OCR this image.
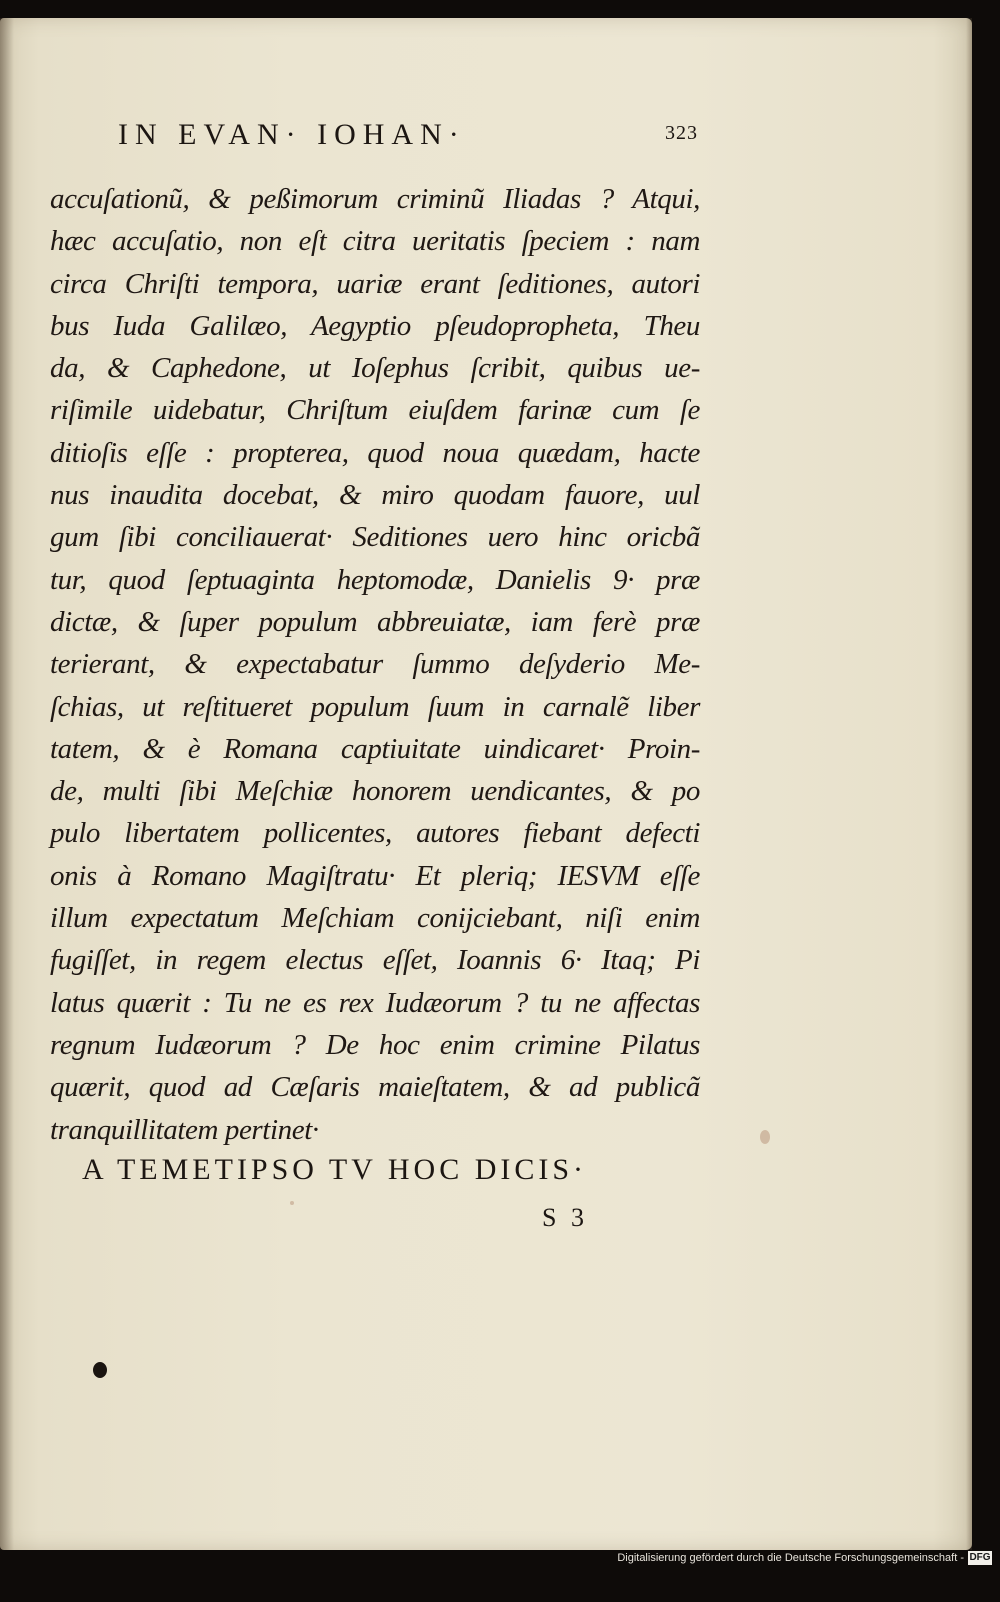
IN EVAN· IOHAN·	323
accuſationũ, & peßimorum criminũ Iliadas ? Atqui,
hæc accuſatio, non eſt citra ueritatis ſpeciem : nam
circa Chriſti tempora, uariæ erant ſeditiones, autori
bus Iuda Galilæo, Aegyptio pſeudopropheta, Theu
da, & Caphedone, ut Ioſephus ſcribit, quibus ue-
riſimile uidebatur, Chriſtum eiuſdem farinæ cum ſe
ditioſis eſſe : propterea, quod noua quædam, hacte
nus inaudita docebat, & miro quodam fauore, uul
gum ſibi conciliauerat· Seditiones uero hinc oricbã
tur, quod ſeptuaginta heptomodæ, Danielis 9· præ
dictæ, & ſuper populum abbreuiatæ, iam ferè præ
terierant, & expectabatur ſummo deſyderio Me-
ſchias, ut reſtitueret populum ſuum in carnalẽ liber
tatem, & è Romana captiuitate uindicaret· Proin-
de, multi ſibi Meſchiæ honorem uendicantes, & po
pulo libertatem pollicentes, autores fiebant defecti
onis à Romano Magiſtratu· Et pleriq; IESVM eſſe
illum expectatum Meſchiam conijciebant, niſi enim
fugiſſet, in regem electus eſſet, Ioannis 6· Itaq; Pi
latus quærit : Tu ne es rex Iudæorum ? tu ne affectas
regnum Iudæorum ? De hoc enim crimine Pilatus
quærit, quod ad Cæſaris maieſtatem, & ad publicã
tranquillitatem pertinet·
A TEMETIPSO TV HOC DICIS·
S 3
Digitalisierung gefördert durch die Deutsche Forschungsgemeinschaft - DFG
